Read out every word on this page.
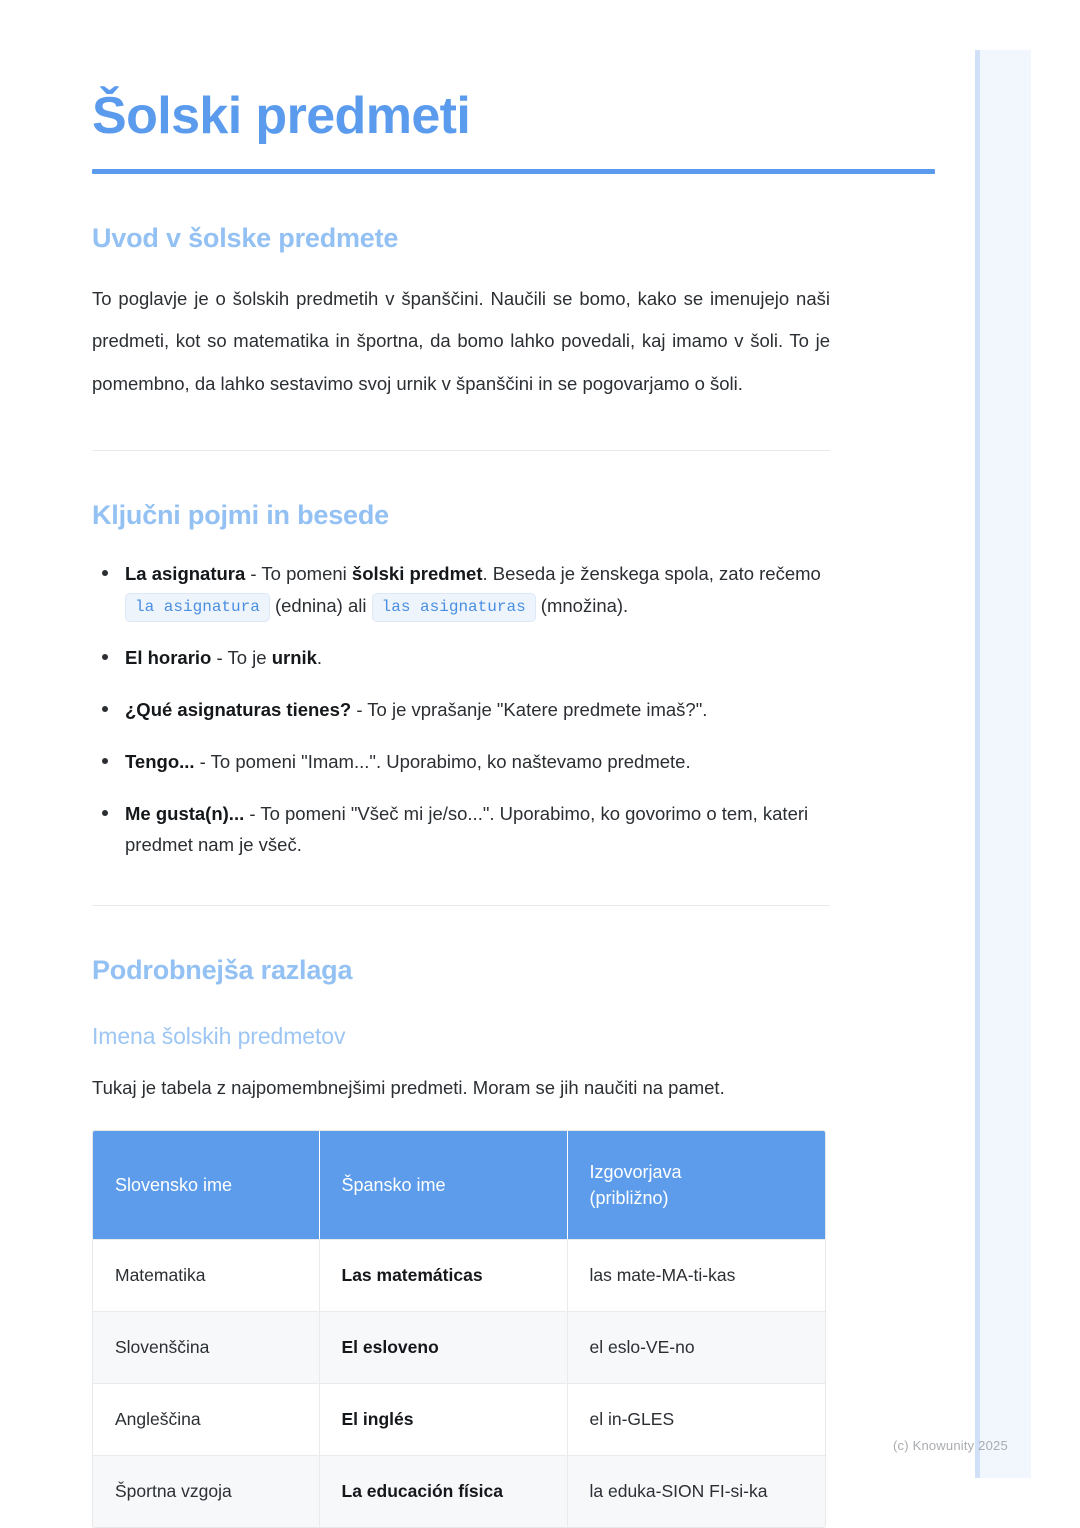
Šolski predmeti
Uvod v šolske predmete

To poglavje je o šolskih predmetih v španščini. Naučili se bomo, kako se imenujejo naši predmeti, kot so matematika in športna, da bomo lahko povedali, kaj imamo v šoli. To je pomembno, da lahko sestavimo svoj urnik v španščini in se pogovarjamo o šoli.

Ključni pojmi in besede
La asignatura - To pomeni šolski predmet. Beseda je ženskega spola, zato rečemo la asignatura (ednina) ali las asignaturas (množina).
El horario - To je urnik.
¿Qué asignaturas tienes? - To je vprašanje "Katere predmete imaš?".
Tengo... - To pomeni "Imam...". Uporabimo, ko naštevamo predmete.
Me gusta(n)... - To pomeni "Všeč mi je/so...". Uporabimo, ko govorimo o tem, kateri predmet nam je všeč.
Podrobnejša razlaga
Imena šolskih predmetov

Tukaj je tabela z najpomembnejšimi predmeti. Moram se jih naučiti na pamet.

Slovensko ime	Špansko ime	Izgovorjava
(približno)

Matematika	Las matemáticas	las mate-MA-ti-kas
Slovenščina	El esloveno	el eslo-VE-no
Angleščina	El inglés	el in-GLES
Športna vzgoja	La educación física	la eduka-SION FI-si-ka
(c) Knowunity 2025
